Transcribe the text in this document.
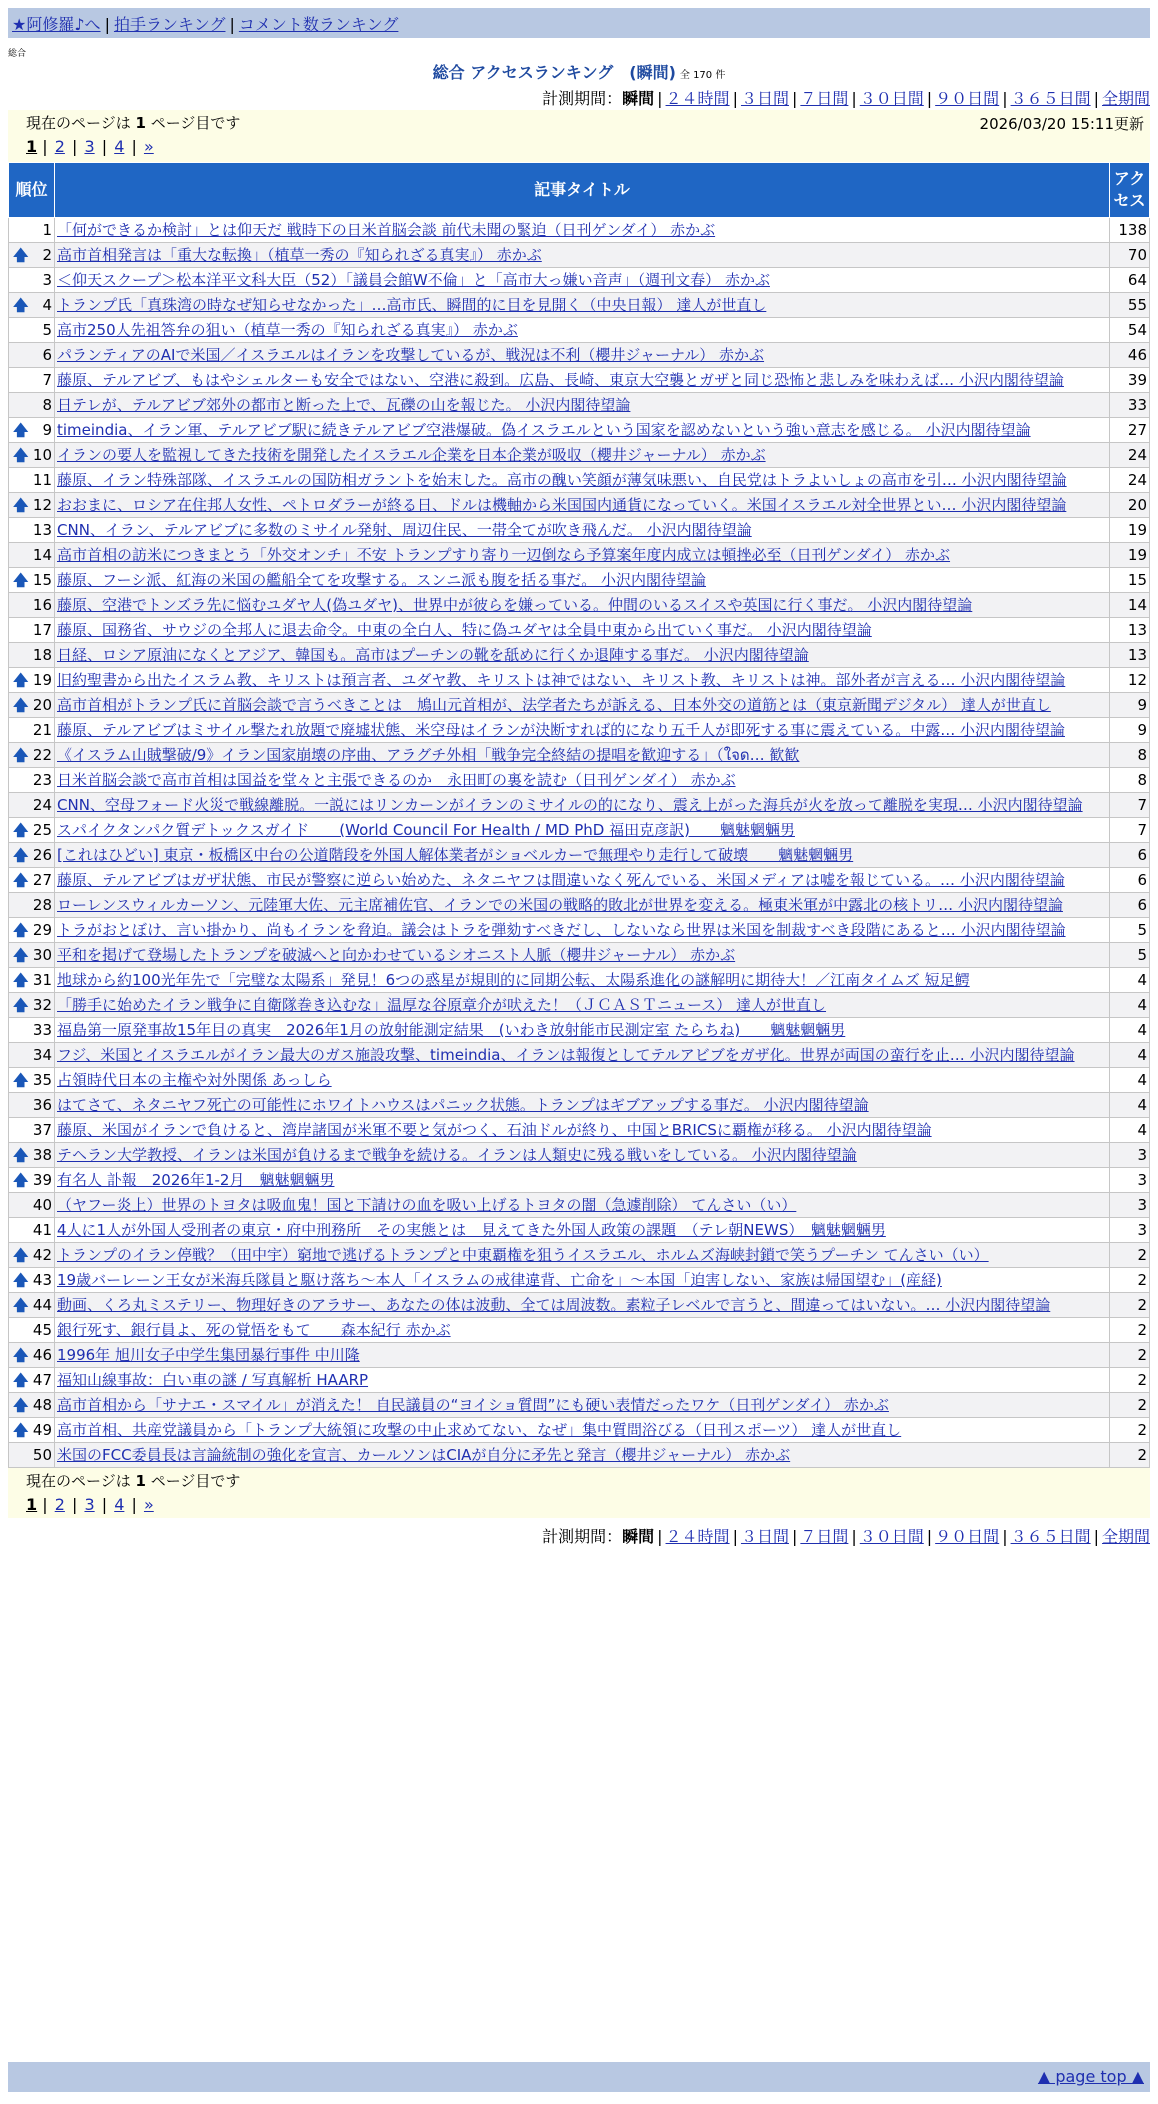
★阿修羅♪へ | 拍手ランキング | コメント数ランキング
総合
総合 アクセスランキング　(瞬間) 全 170 件
計測期間：瞬間 | ２４時間 | ３日間 | ７日間 | ３０日間 | ９０日間 | ３６５日間 | 全期間
現在のページは 1 ページ目です	2026/03/20 15:11更新
1 | 2 | 3 | 4 | »
順位	記事タイトル	アクセス
1	「何ができるか検討」とは仰天だ 戦時下の日米首脳会談 前代未聞の緊迫（日刊ゲンダイ） 赤かぶ	138

🡅 2	高市首相発言は「重大な転換」（植草一秀の『知られざる真実』） 赤かぶ	70
3	＜仰天スクープ＞松本洋平文科大臣（52）「議員会館W不倫」と「高市大っ嫌い音声」（週刊文春） 赤かぶ	64

🡅 4	トランプ氏「真珠湾の時なぜ知らせなかった」…高市氏、瞬間的に目を見開く（中央日報） 達人が世直し	55
5	高市250人先祖答弁の狙い（植草一秀の『知られざる真実』） 赤かぶ	54
6	パランティアのAIで米国／イスラエルはイランを攻撃しているが、戦況は不利（櫻井ジャーナル） 赤かぶ	46
7	藤原、テルアビブ、もはやシェルターも安全ではない、空港に殺到。広島、長崎、東京大空襲とガザと同じ恐怖と悲しみを味わえば… 小沢内閣待望論	39
8	日テレが、テルアビブ郊外の都市と断った上で、瓦礫の山を報じた。 小沢内閣待望論	33

🡅 9	timeindia、イラン軍、テルアビブ駅に続きテルアビブ空港爆破。偽イスラエルという国家を認めないという強い意志を感じる。 小沢内閣待望論	27

🡅 10	イランの要人を監視してきた技術を開発したイスラエル企業を日本企業が吸収（櫻井ジャーナル） 赤かぶ	24
11	藤原、イラン特殊部隊、イスラエルの国防相ガラントを始末した。高市の醜い笑顔が薄気味悪い、自民党はトラよいしょの高市を引… 小沢内閣待望論	24

🡅 12	おおまに、ロシア在住邦人女性、ペトロダラーが終る日、ドルは機軸から米国国内通貨になっていく。米国イスラエル対全世界とい… 小沢内閣待望論	20
13	CNN、イラン、テルアビブに多数のミサイル発射、周辺住民、一帯全てが吹き飛んだ。 小沢内閣待望論	19
14	高市首相の訪米につきまとう「外交オンチ」不安 トランプすり寄り一辺倒なら予算案年度内成立は頓挫必至（日刊ゲンダイ） 赤かぶ	19

🡅 15	藤原、フーシ派、紅海の米国の艦船全てを攻撃する。スンニ派も腹を括る事だ。 小沢内閣待望論	15
16	藤原、空港でトンズラ先に悩むユダヤ人(偽ユダヤ)、世界中が彼らを嫌っている。仲間のいるスイスや英国に行く事だ。 小沢内閣待望論	14
17	藤原、国務省、サウジの全邦人に退去命令。中東の全白人、特に偽ユダヤは全員中東から出ていく事だ。 小沢内閣待望論	13
18	日経、ロシア原油になくとアジア、韓国も。高市はプーチンの靴を舐めに行くか退陣する事だ。 小沢内閣待望論	13

🡅 19	旧約聖書から出たイスラム教、キリストは預言者、ユダヤ教、キリストは神ではない、キリスト教、キリストは神。部外者が言える… 小沢内閣待望論	12

🡅 20	高市首相がトランプ氏に首脳会談で言うべきことは　鳩山元首相が、法学者たちが訴える、日本外交の道筋とは（東京新聞デジタル） 達人が世直し	9
21	藤原、テルアビブはミサイル撃たれ放題で廃墟状態、米空母はイランが決断すれば的になり五千人が即死する事に震えている。中露… 小沢内閣待望論	9

🡅 22	《イスラム山賊撃破/9》イラン国家崩壊の序曲、アラグチ外相「戦争完全終結の提唱を歓迎する」（ใจด… 歓歓	8
23	日米首脳会談で高市首相は国益を堂々と主張できるのか　永田町の裏を読む（日刊ゲンダイ） 赤かぶ	8
24	CNN、空母フォード火災で戦線離脱。一説にはリンカーンがイランのミサイルの的になり、震え上がった海兵が火を放って離脱を実現… 小沢内閣待望論	7

🡅 25	スパイクタンパク質デトックスガイド　　(World Council For Health / MD PhD 福田克彦訳)　　魑魅魍魎男	7

🡅 26	[これはひどい] 東京・板橋区中台の公道階段を外国人解体業者がショベルカーで無理やり走行して破壊　　魑魅魍魎男	6

🡅 27	藤原、テルアビブはガザ状態、市民が警察に逆らい始めた、ネタニヤフは間違いなく死んでいる、米国メディアは嘘を報じている。… 小沢内閣待望論	6
28	ローレンスウィルカーソン、元陸軍大佐、元主席補佐官、イランでの米国の戦略的敗北が世界を変える。極東米軍が中露北の核トリ… 小沢内閣待望論	6

🡅 29	トラがおとぼけ、言い掛かり、尚もイランを脅迫。議会はトラを弾劾すべきだし、しないなら世界は米国を制裁すべき段階にあると… 小沢内閣待望論	5

🡅 30	平和を掲げて登場したトランプを破滅へと向かわせているシオニスト人脈（櫻井ジャーナル） 赤かぶ	5

🡅 31	地球から約100光年先で「完璧な太陽系」発見！6つの惑星が規則的に同期公転、太陽系進化の謎解明に期待大！／江南タイムズ 短足鰐	4

🡅 32	「勝手に始めたイラン戦争に自衛隊巻き込むな」温厚な谷原章介が吠えた！（ＪＣＡＳＴニュース） 達人が世直し	4
33	福島第一原発事故15年目の真実　2026年1月の放射能測定結果　(いわき放射能市民測定室 たらちね)　　魑魅魍魎男	4
34	フジ、米国とイスラエルがイラン最大のガス施設攻撃、timeindia、イランは報復としてテルアビブをガザ化。世界が両国の蛮行を止… 小沢内閣待望論	4

🡅 35	占領時代日本の主権や対外関係 あっしら	4
36	はてさて、ネタニヤフ死亡の可能性にホワイトハウスはパニック状態。トランプはギブアップする事だ。 小沢内閣待望論	4
37	藤原、米国がイランで負けると、湾岸諸国が米軍不要と気がつく、石油ドルが終り、中国とBRICSに覇権が移る。 小沢内閣待望論	4

🡅 38	テヘラン大学教授、イランは米国が負けるまで戦争を続ける。イランは人類史に残る戦いをしている。 小沢内閣待望論	3

🡅 39	有名人 訃報　2026年1-2月　魑魅魍魎男	3
40	（ヤフー炎上）世界のトヨタは吸血鬼！国と下請けの血を吸い上げるトヨタの闇（急遽削除） てんさい（い）	3
41	4人に1人が外国人受刑者の東京・府中刑務所　その実態とは　見えてきた外国人政策の課題　（テレ朝NEWS）　魑魅魍魎男	3

🡅 42	トランプのイラン停戦？（田中宇）窮地で逃げるトランプと中東覇権を狙うイスラエル、ホルムズ海峡封鎖で笑うプーチン てんさい（い）	2

🡅 43	19歳バーレーン王女が米海兵隊員と駆け落ち～本人「イスラムの戒律違背、亡命を」～本国「迫害しない、家族は帰国望む」(産経)	2

🡅 44	動画、くろ丸ミステリー、物理好きのアラサー、あなたの体は波動、全ては周波数。素粒子レベルで言うと、間違ってはいない。… 小沢内閣待望論	2
45	銀行死す、銀行員よ、死の覚悟をもて　　森本紀行 赤かぶ	2

🡅 46	1996年 旭川女子中学生集団暴行事件 中川隆	2

🡅 47	福知山線事故：白い車の謎 / 写真解析 HAARP	2

🡅 48	高市首相から「サナエ・スマイル」が消えた！ 自民議員の“ヨイショ質問”にも硬い表情だったワケ（日刊ゲンダイ） 赤かぶ	2

🡅 49	高市首相、共産党議員から「トランプ大統領に攻撃の中止求めてない、なぜ」集中質問浴びる（日刊スポーツ） 達人が世直し	2
50	米国のFCC委員長は言論統制の強化を宣言、カールソンはCIAが自分に矛先と発言（櫻井ジャーナル） 赤かぶ	2
現在のページは 1 ページ目です
1 | 2 | 3 | 4 | »
計測期間：瞬間 | ２４時間 | ３日間 | ７日間 | ３０日間 | ９０日間 | ３６５日間 | 全期間
▲ page top ▲
